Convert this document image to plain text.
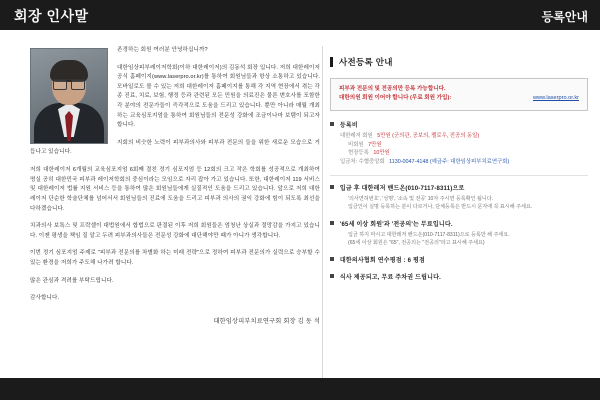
회장 인사말	등록안내

존경하는 회원 여러분 안녕하십니까?

대한임상피부레이저학회(이하 대한레이저)의 김동석 회장 입니다. 저희 대한레이저 공식 홈페이지(www.laserpro.or.kr)를 통하여 회원님들과 항상 소통하고 있습니다. 모바일로도 볼 수 있는 저희 대한레이저 홈페이지를 통해 각 지역 현장에서 겪는 각종 진료, 치료, 보험, 행정 등과 관련된 모든 민원을 의료진은 물론 변호사를 포함한 각 분야의 전문가들이 즉각적으로 도움을 드리고 있습니다. 뿐만 아니라 매월 개최하는 교육심포지엄을 통하여 회원님들의 전문성 강화에 조금이나마 보탬이 되고자 합니다.

지회의 비슷한 노력이 피부과의사와 피부과 전문의 들을 위한 새로운 모습으로 거듭나고 있습니다.

저희 대한레이저 6개월의 교육심포지엄 6회째 결친 정기 심포지엄 등 12회의 크고 작은 학회를 성공적으로 개최하여 명실 공히 대한민국 피부과 레이저학회의 중심이라는 모임으로 자리 잡아 가고 있습니다. 또한, 대한레이저 119 서비스 및 대한레이저 법률 지원 서비스 등을 통하여 많은 회원님들에게 실질적인 도움을 드리고 있습니다. 앞으로 저희 대한레이저 단순한 학술단체를 넘어서서 회원님들의 진료에 도움을 드리고 피부과 의사의 권익 강화에 힘이 되도록 최선을 다하겠습니다.

치과의사 보톡스 및 프락셀이 대법원에서 합법으로 판결된 이후 저희 회원들은 엄청난 상실과 절망감을 가지고 있습니다. 이젠 평생을 책임 질 알고 두려 피부과의사들은 전문성 강화에 대단해야만 때가 아니가 생각합니다.

이번 정기 심포지엄 주제로 "피부과 전문의를 차별화 하는 미래 전략"으로 정하여 피부과 전문의가 실력으로 승부할 수 있는 환경을 저희가 주도해 나가려 합니다.

많은 관심과 격려를 부탁드립니다.

감사합니다.

대한임상피부치료연구회 회장 김 동 석
사전등록 안내
피부과 전문의 및 전공의만 등록 가능합니다.
대한의원 회원 이어야 합니다 (무료 회원 가입):	www.laserpro.or.kr
등록비
대한레저 회원 5만원 (군의관, 공보의, 펠로우, 전공의 동일)
비회원 7만원
현장등록 10만원
입금처: 수협중앙회 1130-0047-4148 (예금주: 대한임상피부치료연구회)
입금 후 대한레저 밴드온(010-7117-8311)으로
'의사면허번호', '성명', '소속 및 전공' 10자 주시면 등록확인 됩니다.
입금인이 실명 등록하는 분이 다르거나, 단체등록은 반드시 문자에 꼭 표시해 주세요.
'65세 이상 회원'과 '전공의'는 무료입니다.
입금 하지 마시고 대한레저 밴드온(010-7117-8311)으로 등록만 해 주세요.
(65세 이상 회원은 "65", 전공의는 "전공의"라고 표시해 주세요)
대한의사협회 연수평점 : 6 평점
식사 제공되고, 무료 주차권 드립니다.
